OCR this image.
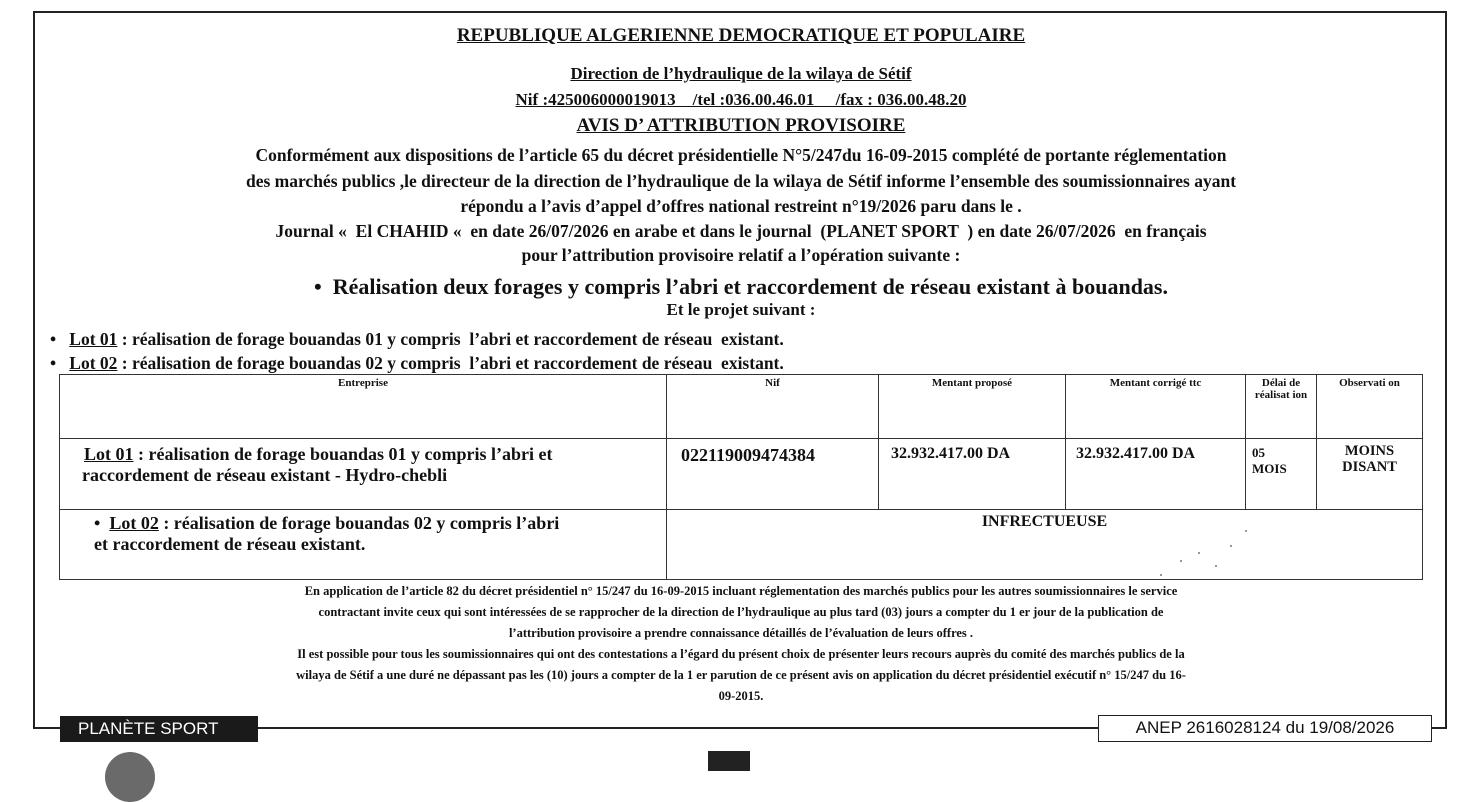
REPUBLIQUE ALGERIENNE DEMOCRATIQUE ET POPULAIRE
Direction de l’hydraulique de la wilaya de Sétif
Nif :425006000019013    /tel :036.00.46.01     /fax : 036.00.48.20
AVIS D’ ATTRIBUTION PROVISOIRE
Conformément aux dispositions de l’article 65 du décret présidentielle N°5/247du 16-09-2015 complété de portante réglementation
des marchés publics ,le directeur de la direction de l’hydraulique de la wilaya de Sétif informe l’ensemble des soumissionnaires ayant
répondu a l’avis d’appel d’offres national restreint n°19/2026 paru dans le .
Journal «  El CHAHID «  en date 26/07/2026 en arabe et dans le journal  (PLANET SPORT  ) en date 26/07/2026  en français
pour l’attribution provisoire relatif a l’opération suivante :
•  Réalisation deux forages y compris l’abri et raccordement de réseau existant à bouandas.
Et le projet suivant :
•   Lot 01 : réalisation de forage bouandas 01 y compris  l’abri et raccordement de réseau  existant.
•   Lot 02 : réalisation de forage bouandas 02 y compris  l’abri et raccordement de réseau  existant.
Entreprise	Nif	Mentant proposé	Mentant corrigé ttc	Délai de réalisat ion	Observati on
Lot 01 : réalisation de forage bouandas 01 y compris l’abri et raccordement de réseau existant - Hydro-chebli	022119009474384	32.932.417.00 DA	32.932.417.00 DA	05 MOIS	MOINS DISANT
•  Lot 02 : réalisation de forage bouandas 02 y compris l’abri et raccordement de réseau existant.	INFRECTUEUSE				
En application de l’article 82 du décret présidentiel n° 15/247 du 16-09-2015 incluant réglementation des marchés publics pour les autres soumissionnaires le service
contractant invite ceux qui sont intéressées de se rapprocher de la direction de l’hydraulique au plus tard (03) jours a compter du 1 er jour de la publication de
l’attribution provisoire a prendre connaissance détaillés de l’évaluation de leurs offres .
Il est possible pour tous les soumissionnaires qui ont des contestations a l’égard du présent choix de présenter leurs recours auprès du comité des marchés publics de la
wilaya de Sétif a une duré ne dépassant pas les (10) jours a compter de la 1 er parution de ce présent avis on application du décret présidentiel exécutif n° 15/247 du 16-
09-2015.
PLANÈTE SPORT	ANEP 2616028124 du 19/08/2026
